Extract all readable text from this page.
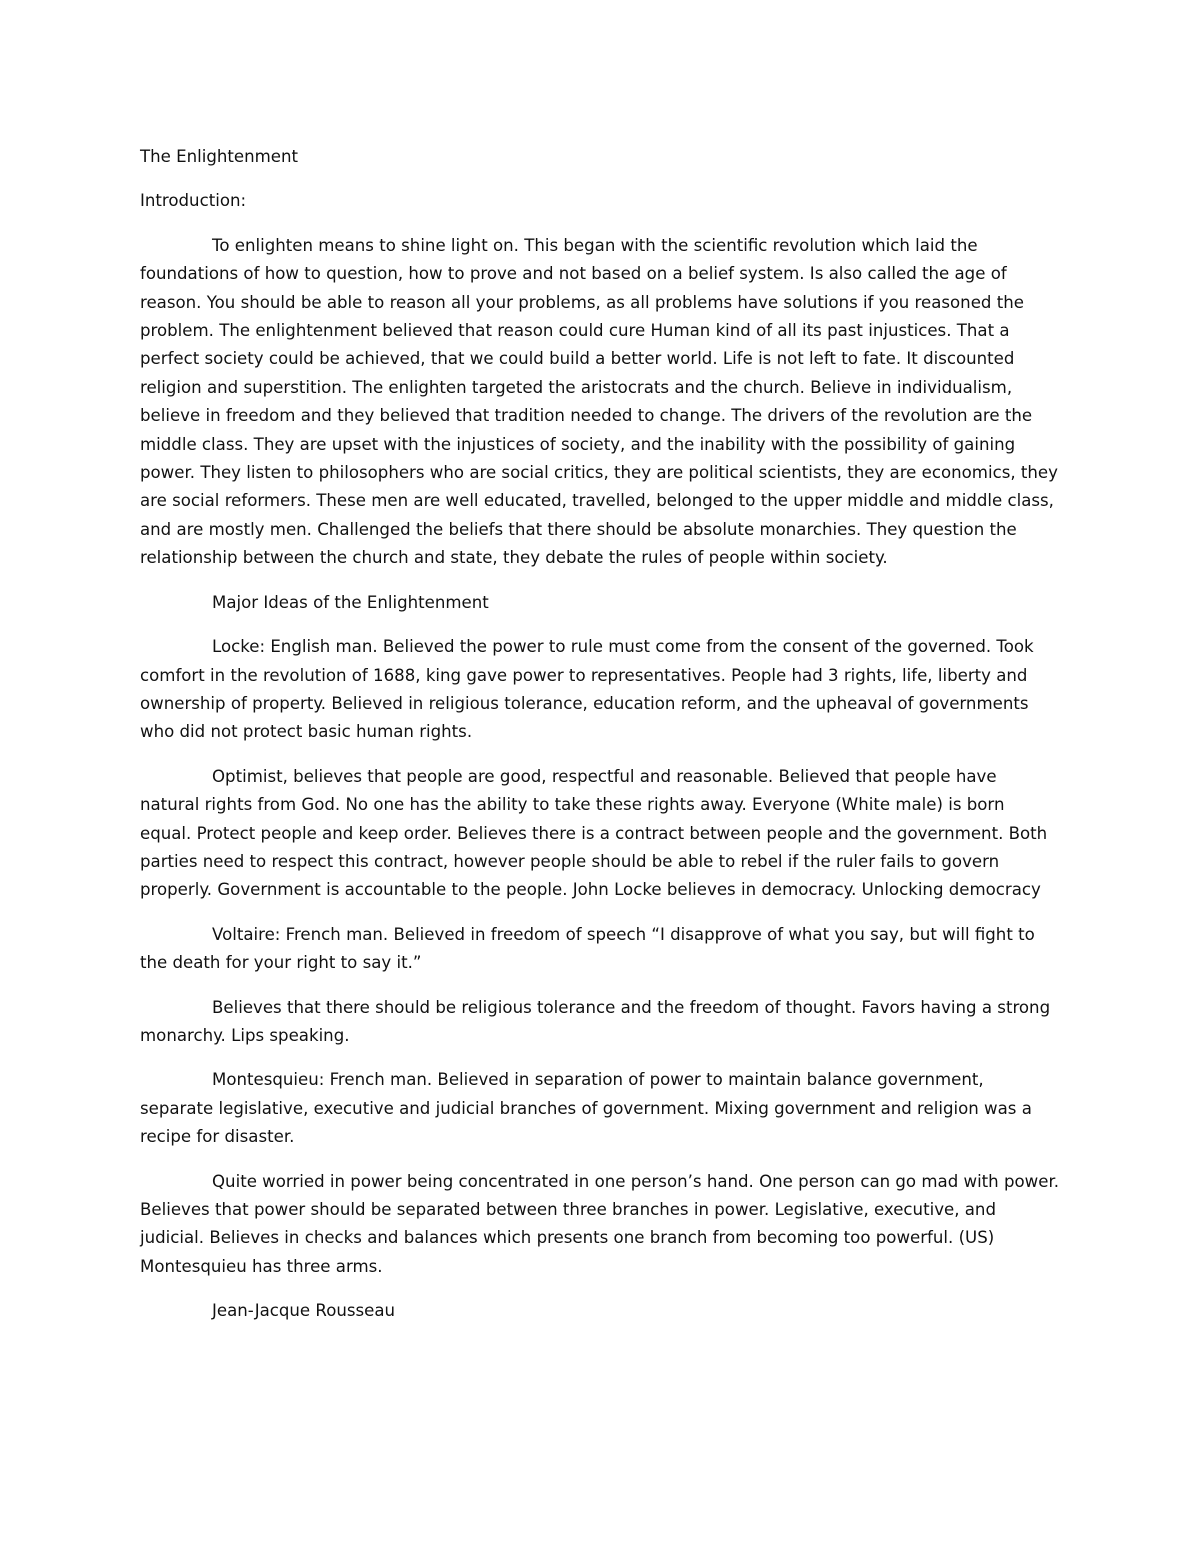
The Enlightenment
Introduction:
To enlighten means to shine light on. This began with the scientific revolution which laid the foundations of how to question, how to prove and not based on a belief system. Is also called the age of reason. You should be able to reason all your problems, as all problems have solutions if you reasoned the problem. The enlightenment believed that reason could cure Human kind of all its past injustices. That a perfect society could be achieved, that we could build a better world. Life is not left to fate. It discounted religion and superstition. The enlighten targeted the aristocrats and the church. Believe in individualism, believe in freedom and they believed that tradition needed to change. The drivers of the revolution are the middle class. They are upset with the injustices of society, and the inability with the possibility of gaining power. They listen to philosophers who are social critics, they are political scientists, they are economics, they are social reformers. These men are well educated, travelled, belonged to the upper middle and middle class, and are mostly men. Challenged the beliefs that there should be absolute monarchies. They question the relationship between the church and state, they debate the rules of people within society.
Major Ideas of the Enlightenment
Locke: English man. Believed the power to rule must come from the consent of the governed. Took comfort in the revolution of 1688, king gave power to representatives. People had 3 rights, life, liberty and ownership of property. Believed in religious tolerance, education reform, and the upheaval of governments who did not protect basic human rights.
Optimist, believes that people are good, respectful and reasonable. Believed that people have natural rights from God. No one has the ability to take these rights away. Everyone (White male) is born equal. Protect people and keep order. Believes there is a contract between people and the government. Both parties need to respect this contract, however people should be able to rebel if the ruler fails to govern properly. Government is accountable to the people. John Locke believes in democracy. Unlocking democracy
Voltaire: French man. Believed in freedom of speech “I disapprove of what you say, but will fight to the death for your right to say it.”
Believes that there should be religious tolerance and the freedom of thought. Favors having a strong monarchy. Lips speaking.
Montesquieu: French man. Believed in separation of power to maintain balance government, separate legislative, executive and judicial branches of government. Mixing government and religion was a recipe for disaster.
Quite worried in power being concentrated in one person’s hand. One person can go mad with power. Believes that power should be separated between three branches in power. Legislative, executive, and judicial. Believes in checks and balances which presents one branch from becoming too powerful. (US) Montesquieu has three arms.
Jean-Jacque Rousseau
